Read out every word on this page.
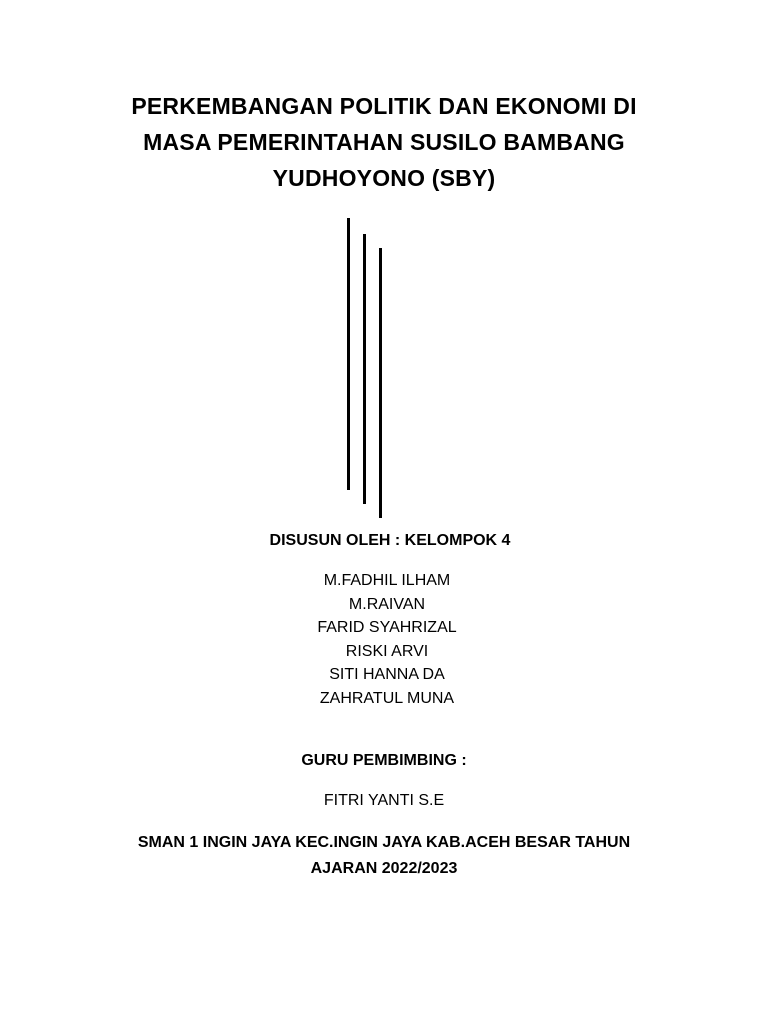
PERKEMBANGAN POLITIK DAN EKONOMI DI
MASA PEMERINTAHAN SUSILO BAMBANG
YUDHOYONO (SBY)
DISUSUN OLEH : KELOMPOK 4
M.FADHIL ILHAM
M.RAIVAN
FARID SYAHRIZAL
RISKI ARVI
SITI HANNA DA
ZAHRATUL MUNA
GURU PEMBIMBING :
FITRI YANTI S.E
SMAN 1 INGIN JAYA KEC.INGIN JAYA KAB.ACEH BESAR TAHUN
AJARAN 2022/2023
